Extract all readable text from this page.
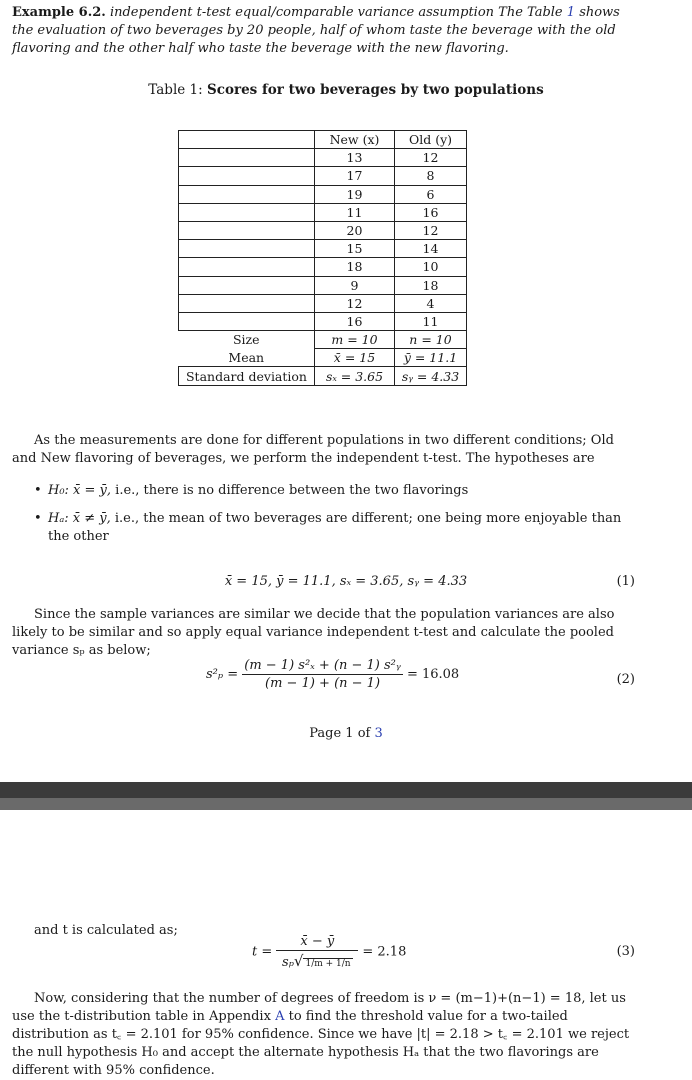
Example 6.2. independent t-test equal/comparable variance assumption The Table 1 shows the evaluation of two beverages by 20 people, half of whom taste the beverage with the old flavoring and the other half who taste the beverage with the new flavoring.
Table 1: Scores for two beverages by two populations
	New (x)	Old (y)
	13	12
	17	8
	19	6
	11	16
	20	12
	15	14
	18	10
	9	18
	12	4
	16	11
Size	m = 10	n = 10
Mean	x̄ = 15	ȳ = 11.1
Standard deviation	sₓ = 3.65	sᵧ = 4.33
As the measurements are done for different populations in two different conditions; Old and New flavoring of beverages, we perform the independent t-test. The hypotheses are
• H₀: x̄ = ȳ, i.e., there is no difference between the two flavorings
• Hₐ: x̄ ≠ ȳ, i.e., the mean of two beverages are different; one being more enjoyable than the other
x̄ = 15, ȳ = 11.1, sₓ = 3.65, sᵧ = 4.33	(1)
Since the sample variances are similar we decide that the population variances are also likely to be similar and so apply equal variance independent t-test and calculate the pooled variance sₚ as below;
$s^2_p = \frac{\text{(m − 1) s²ₓ + (n − 1) s²ᵧ}}{(m - 1) + (n - 1)} = 16.08$	(2)
Page 1 of 3
and t is calculated as;
$t = \frac{x̄ - ȳ}{\text{sₚ√ 1/m + 1/n}} = 2.18$	(3)
Now, considering that the number of degrees of freedom is ν = (m−1)+(n−1) = 18, let us use the t-distribution table in Appendix A to find the threshold value for a two-tailed distribution as t꜀ = 2.101 for 95% confidence. Since we have |t| = 2.18 > t꜀ = 2.101 we reject the null hypothesis H₀ and accept the alternate hypothesis Hₐ that the two flavorings are different with 95% confidence.
